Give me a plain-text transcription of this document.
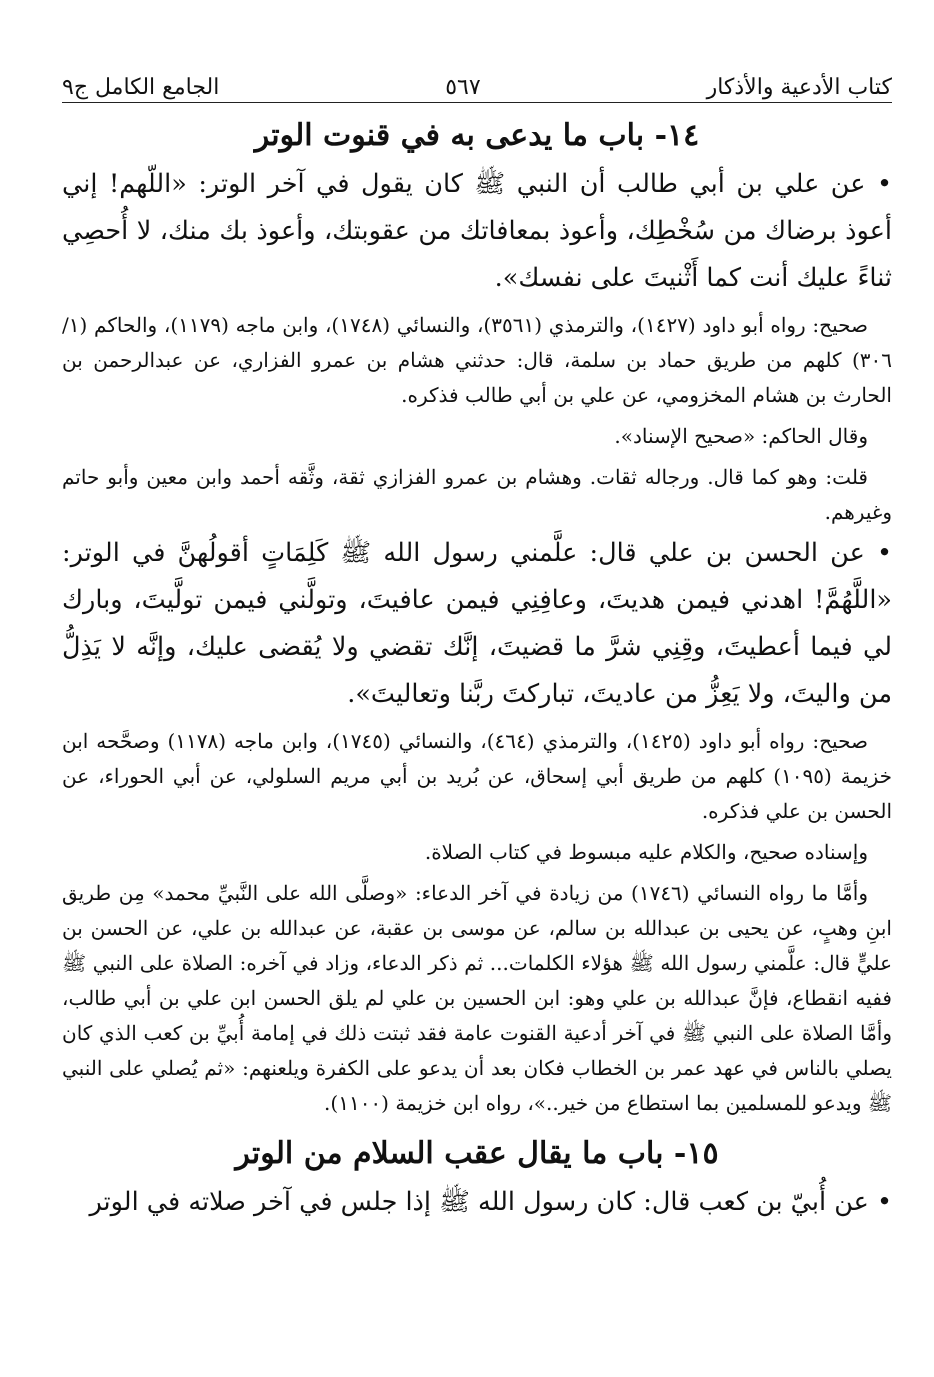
كتاب الأدعية والأذكار
٥٦٧
الجامع الكامل ج٩
١٤- باب ما يدعى به في قنوت الوتر

• عن علي بن أبي طالب أن النبي ﷺ كان يقول في آخر الوتر: «اللّهم! إني أعوذ برضاك من سُخْطِك، وأعوذ بمعافاتك من عقوبتك، وأعوذ بك منك، لا أُحصِي ثناءً عليك أنت كما أَثْنيتَ على نفسك».

صحيح: رواه أبو داود (١٤٢٧)، والترمذي (٣٥٦١)، والنسائي (١٧٤٨)، وابن ماجه (١١٧٩)، والحاكم (١/ ٣٠٦) كلهم من طريق حماد بن سلمة، قال: حدثني هشام بن عمرو الفزاري، عن عبدالرحمن بن الحارث بن هشام المخزومي، عن علي بن أبي طالب فذكره.

وقال الحاكم: «صحيح الإسناد».

قلت: وهو كما قال. ورجاله ثقات. وهشام بن عمرو الفزازي ثقة، وثَّقه أحمد وابن معين وأبو حاتم وغيرهم.

• عن الحسن بن علي قال: علَّمني رسول الله ﷺ كَلِمَاتٍ أقولُهنَّ في الوتر: «اللَّهُمَّ! اهدني فيمن هديتَ، وعافِنِي فيمن عافيتَ، وتولَّني فيمن تولَّيتَ، وبارك لي فيما أعطيتَ، وقِنِي شرَّ ما قضيتَ، إنَّك تقضي ولا يُقضى عليك، وإنَّه لا يَذِلُّ من واليتَ، ولا يَعِزُّ من عاديتَ، تباركتَ ربَّنا وتعاليتَ».

صحيح: رواه أبو داود (١٤٢٥)، والترمذي (٤٦٤)، والنسائي (١٧٤٥)، وابن ماجه (١١٧٨) وصحَّحه ابن خزيمة (١٠٩٥) كلهم من طريق أبي إسحاق، عن بُريد بن أبي مريم السلولي، عن أبي الحوراء، عن الحسن بن علي فذكره.

وإسناده صحيح، والكلام عليه مبسوط في كتاب الصلاة.

وأمَّا ما رواه النسائي (١٧٤٦) من زيادة في آخر الدعاء: «وصلَّى الله على النَّبيِّ محمد» مِن طريق ابنِ وهبٍ، عن يحيى بن عبدالله بن سالم، عن موسى بن عقبة، عن عبدالله بن علي، عن الحسن بن عليٍّ قال: علَّمني رسول الله ﷺ هؤلاء الكلمات... ثم ذكر الدعاء، وزاد في آخره: الصلاة على النبي ﷺ ففيه انقطاع، فإنَّ عبدالله بن علي وهو: ابن الحسين بن علي لم يلق الحسن ابن علي بن أبي طالب، وأمَّا الصلاة على النبي ﷺ في آخر أدعية القنوت عامة فقد ثبتت ذلك في إمامة أُبيِّ بن كعب الذي كان يصلي بالناس في عهد عمر بن الخطاب فكان بعد أن يدعو على الكفرة ويلعنهم: «ثم يُصلي على النبي ﷺ ويدعو للمسلمين بما استطاع من خير..»، رواه ابن خزيمة (١١٠٠).

١٥- باب ما يقال عقب السلام من الوتر

• عن أُبيّ بن كعب قال: كان رسول الله ﷺ إذا جلس في آخر صلاته في الوتر
